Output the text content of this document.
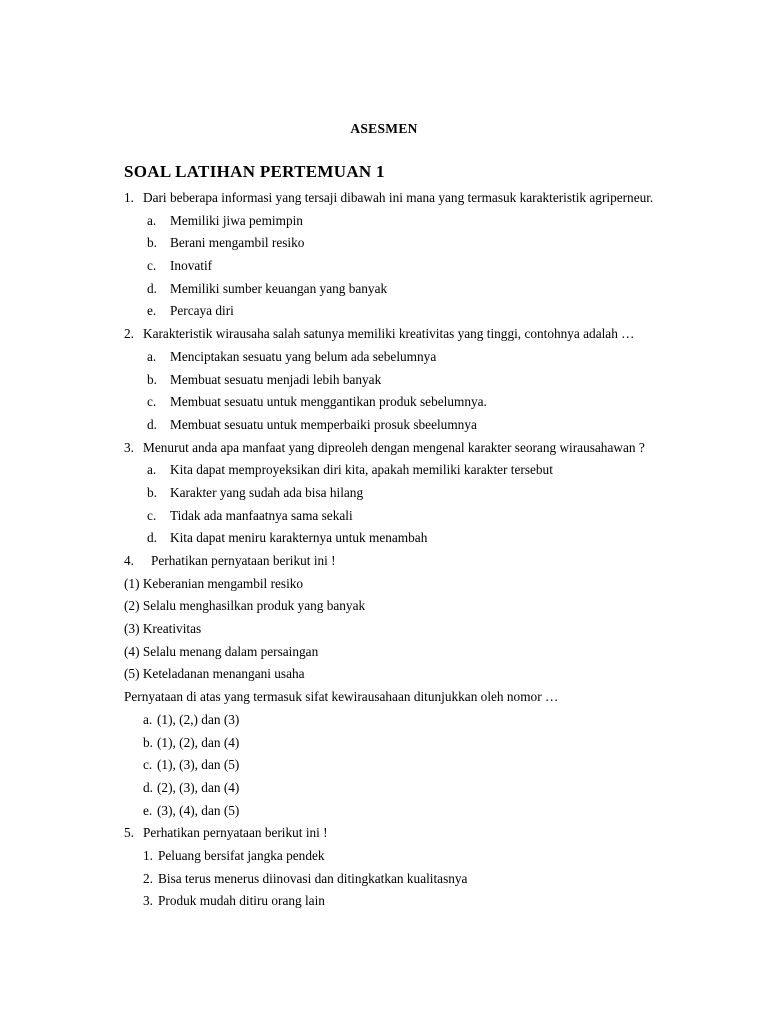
ASESMEN
SOAL LATIHAN PERTEMUAN 1
1. Dari beberapa informasi yang tersaji dibawah ini mana yang termasuk karakteristik agriperneur.
a. Memiliki jiwa pemimpin
b. Berani mengambil resiko
c. Inovatif
d. Memiliki sumber keuangan yang banyak
e. Percaya diri
2. Karakteristik wirausaha salah satunya memiliki kreativitas yang tinggi, contohnya adalah …
a. Menciptakan sesuatu yang belum ada sebelumnya
b. Membuat sesuatu menjadi lebih banyak
c. Membuat sesuatu untuk menggantikan produk sebelumnya.
d. Membuat sesuatu untuk memperbaiki prosuk sbeelumnya
3. Menurut anda apa manfaat yang dipreoleh dengan mengenal karakter seorang wirausahawan ?
a. Kita dapat memproyeksikan diri kita, apakah memiliki karakter tersebut
b. Karakter yang sudah ada bisa hilang
c. Tidak ada manfaatnya sama sekali
d. Kita dapat meniru karakternya untuk menambah
4. Perhatikan pernyataan berikut ini !
(1) Keberanian mengambil resiko
(2) Selalu menghasilkan produk yang banyak
(3) Kreativitas
(4) Selalu menang dalam persaingan
(5) Keteladanan menangani usaha
Pernyataan di atas yang termasuk sifat kewirausahaan ditunjukkan oleh nomor …
a. (1), (2,) dan (3)
b. (1), (2), dan (4)
c. (1), (3), dan (5)
d. (2), (3), dan (4)
e. (3), (4), dan (5)
5. Perhatikan pernyataan berikut ini !
1. Peluang bersifat jangka pendek
2. Bisa terus menerus diinovasi dan ditingkatkan kualitasnya
3. Produk mudah ditiru orang lain
